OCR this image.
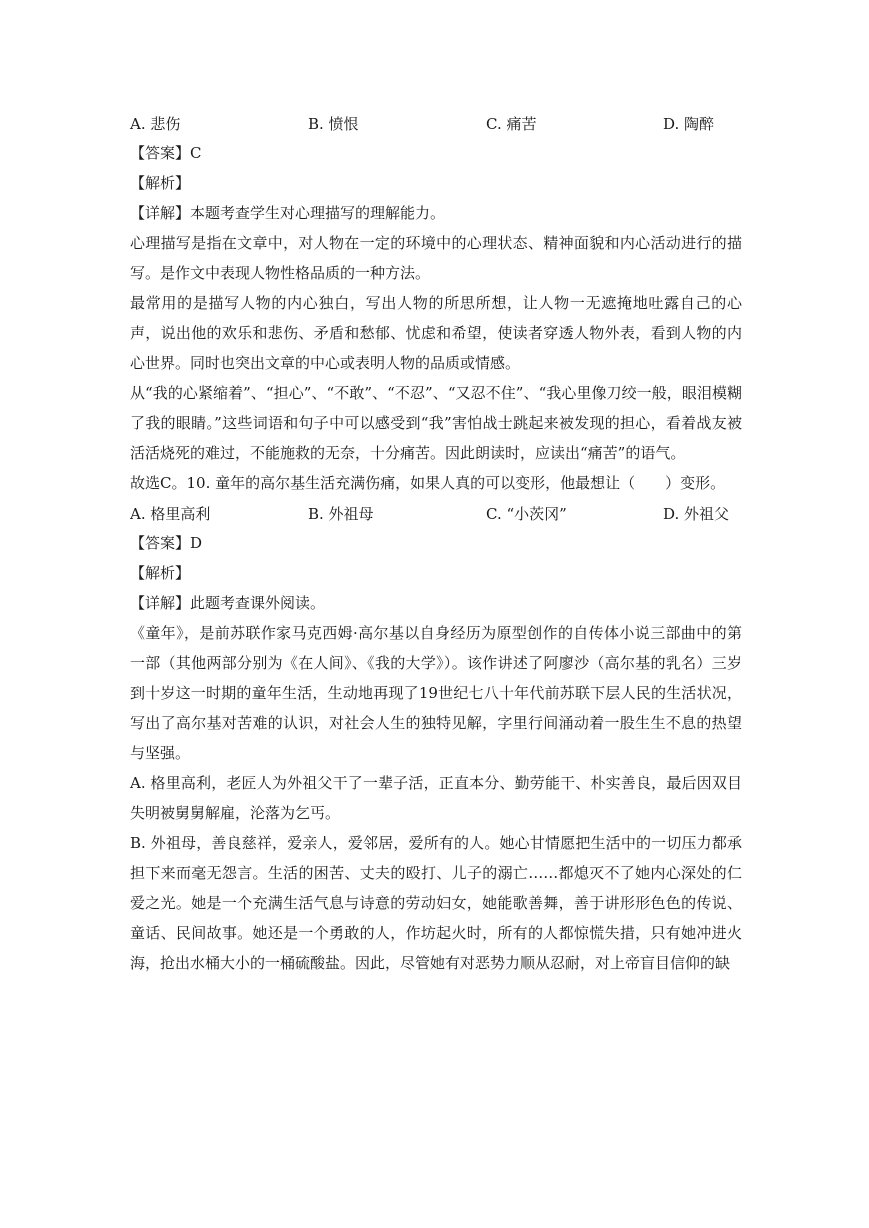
A. 悲伤	B. 愤恨	C. 痛苦	D. 陶醉

【答案】C

【解析】

【详解】本题考查学生对心理描写的理解能力。

心理描写是指在文章中，对人物在一定的环境中的心理状态、精神面貌和内心活动进行的描写。是作文中表现人物性格品质的一种方法。

最常用的是描写人物的内心独白，写出人物的所思所想，让人物一无遮掩地吐露自己的心声，说出他的欢乐和悲伤、矛盾和愁郁、忧虑和希望，使读者穿透人物外表，看到人物的内心世界。同时也突出文章的中心或表明人物的品质或情感。

从“我的心紧缩着”、“担心”、“不敢”、“不忍”、“又忍不住”、“我心里像刀绞一般，眼泪模糊了我的眼睛。”这些词语和句子中可以感受到“我”害怕战士跳起来被发现的担心，看着战友被活活烧死的难过，不能施救的无奈，十分痛苦。因此朗读时，应读出“痛苦”的语气。

故选C。10. 童年的高尔基生活充满伤痛，如果人真的可以变形，他最想让（　　）变形。

A. 格里高利	B. 外祖母	C. “小茨冈”	D. 外祖父

【答案】D

【解析】

【详解】此题考查课外阅读。

《童年》，是前苏联作家马克西姆·高尔基以自身经历为原型创作的自传体小说三部曲中的第一部（其他两部分别为《在人间》、《我的大学》）。该作讲述了阿廖沙（高尔基的乳名）三岁到十岁这一时期的童年生活，生动地再现了19世纪七八十年代前苏联下层人民的生活状况，写出了高尔基对苦难的认识，对社会人生的独特见解，字里行间涌动着一股生生不息的热望与坚强。

A. 格里高利，老匠人为外祖父干了一辈子活，正直本分、勤劳能干、朴实善良，最后因双目失明被舅舅解雇，沦落为乞丐。

B. 外祖母，善良慈祥，爱亲人，爱邻居，爱所有的人。她心甘情愿把生活中的一切压力都承担下来而毫无怨言。生活的困苦、丈夫的殴打、儿子的溺亡……都熄灭不了她内心深处的仁爱之光。她是一个充满生活气息与诗意的劳动妇女，她能歌善舞，善于讲形形色色的传说、童话、民间故事。她还是一个勇敢的人，作坊起火时，所有的人都惊慌失措，只有她冲进火海，抢出水桶大小的一桶硫酸盐。因此，尽管她有对恶势力顺从忍耐，对上帝盲目信仰的缺
